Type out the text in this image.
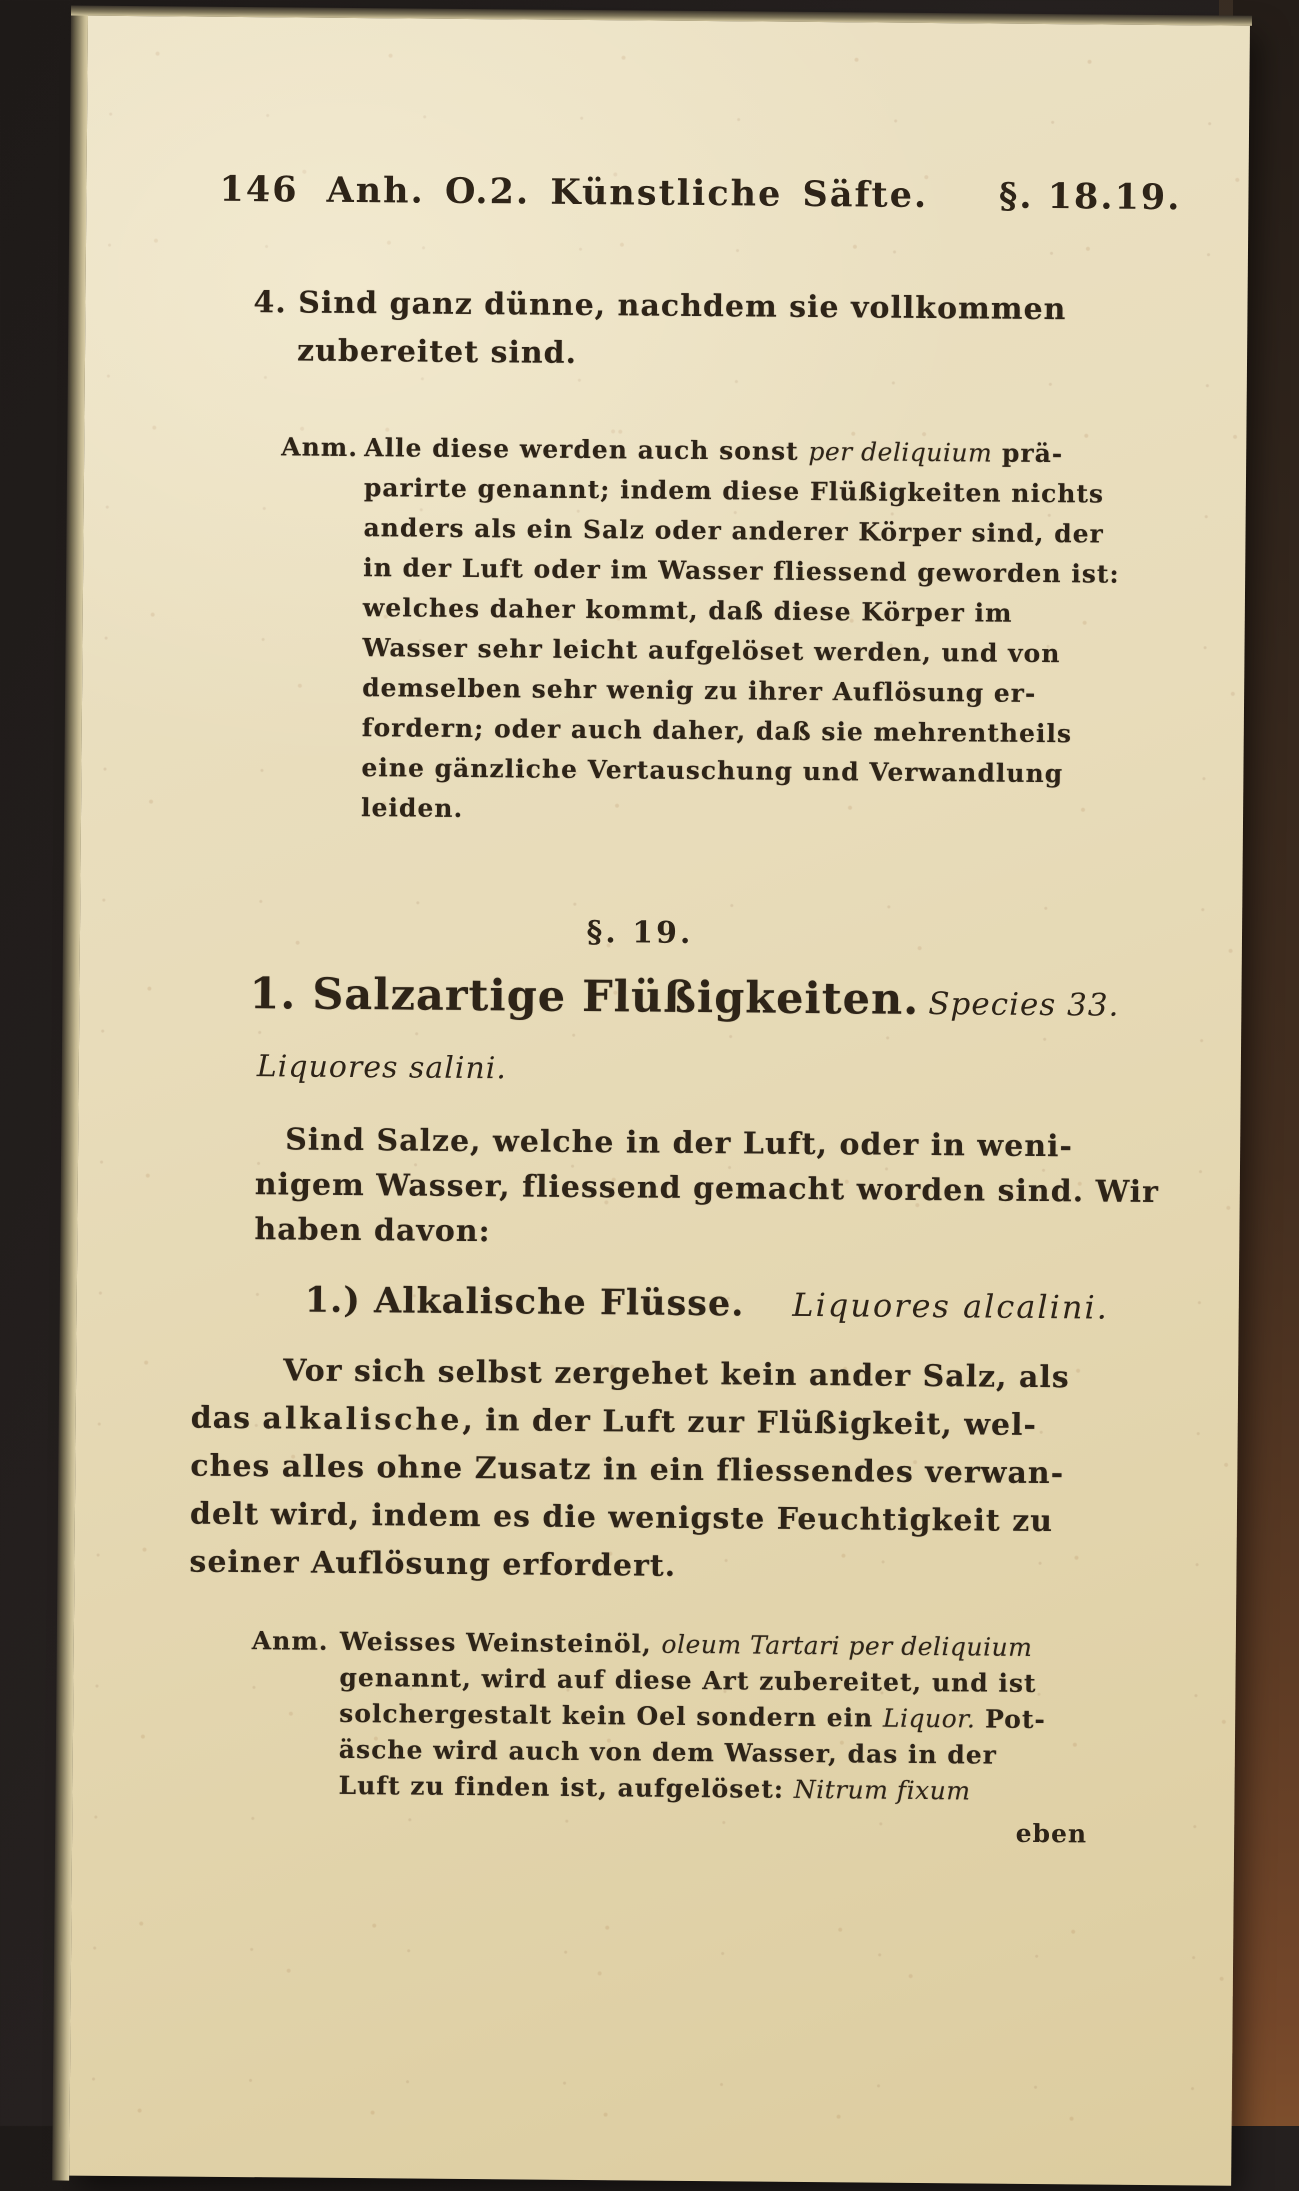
146 Anh. O.2. Künstliche Säfte. §. 18.19.
4. Sind ganz dünne, nachdem sie vollkommen
zubereitet sind.
Anm. Alle diese werden auch sonst per deliquium prä-
parirte genannt; indem diese Flüßigkeiten nichts
anders als ein Salz oder anderer Körper sind, der
in der Luft oder im Wasser fliessend geworden ist:
welches daher kommt, daß diese Körper im
Wasser sehr leicht aufgelöset werden, und von
demselben sehr wenig zu ihrer Auflösung er-
fordern; oder auch daher, daß sie mehrentheils
eine gänzliche Vertauschung und Verwandlung
leiden.
§. 19.
1. Salzartige Flüßigkeiten. Species 33.
Liquores salini.
Sind Salze, welche in der Luft, oder in weni-
nigem Wasser, fliessend gemacht worden sind. Wir
haben davon:
1.) Alkalische Flüsse. Liquores alcalini.
Vor sich selbst zergehet kein ander Salz, als
das alkalische, in der Luft zur Flüßigkeit, wel-
ches alles ohne Zusatz in ein fliessendes verwan-
delt wird, indem es die wenigste Feuchtigkeit zu
seiner Auflösung erfordert.
Anm. Weisses Weinsteinöl, oleum Tartari per deliquium
genannt, wird auf diese Art zubereitet, und ist
solchergestalt kein Oel sondern ein Liquor. Pot-
äsche wird auch von dem Wasser, das in der
Luft zu finden ist, aufgelöset: Nitrum fixum
eben
